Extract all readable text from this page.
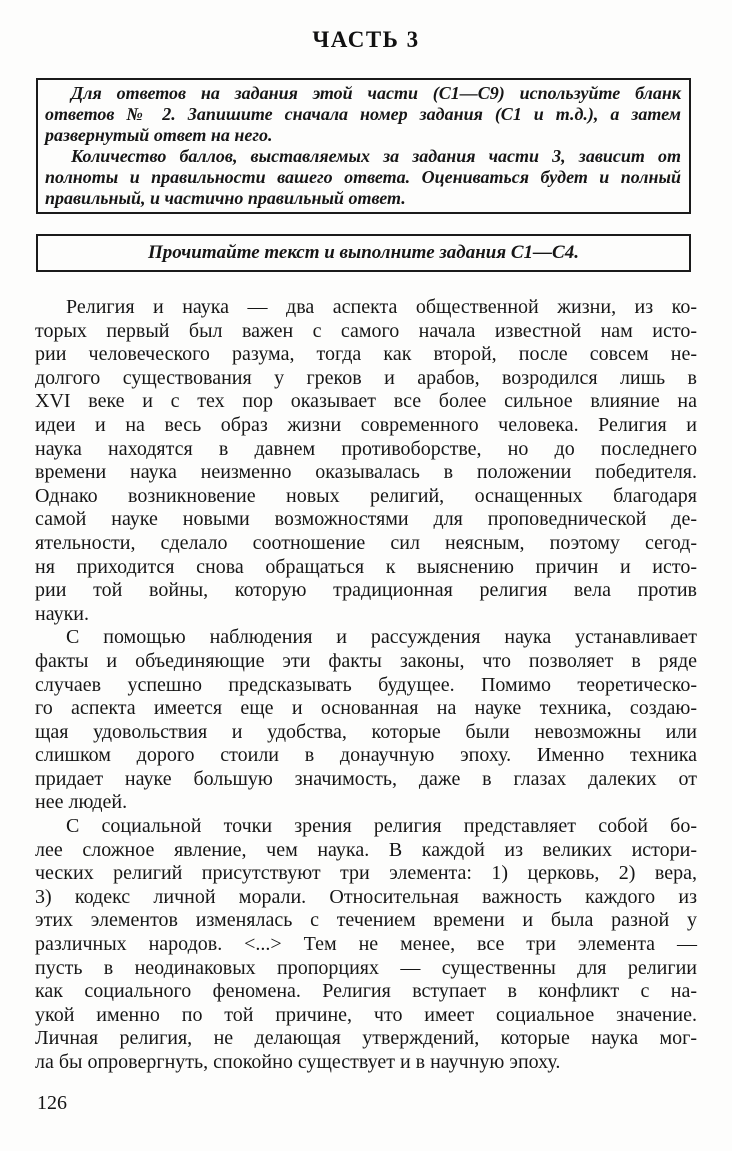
ЧАСТЬ 3
Для ответов на задания этой части (С1—С9) используйте бланк
ответов № 2. Запишите сначала номер задания (С1 и т.д.), а затем
развернутый ответ на него.
Количество баллов, выставляемых за задания части 3, зависит от
полноты и правильности вашего ответа. Оцениваться будет и полный
правильный, и частично правильный ответ.
Прочитайте текст и выполните задания С1—С4.
Религия и наука — два аспекта общественной жизни, из ко-
торых первый был важен с самого начала известной нам исто-
рии человеческого разума, тогда как второй, после совсем не-
долгого существования у греков и арабов, возродился лишь в
XVI веке и с тех пор оказывает все более сильное влияние на
идеи и на весь образ жизни современного человека. Религия и
наука находятся в давнем противоборстве, но до последнего
времени наука неизменно оказывалась в положении победителя.
Однако возникновение новых религий, оснащенных благодаря
самой науке новыми возможностями для проповеднической де-
ятельности, сделало соотношение сил неясным, поэтому сегод-
ня приходится снова обращаться к выяснению причин и исто-
рии той войны, которую традиционная религия вела против
науки.
С помощью наблюдения и рассуждения наука устанавливает
факты и объединяющие эти факты законы, что позволяет в ряде
случаев успешно предсказывать будущее. Помимо теоретическо-
го аспекта имеется еще и основанная на науке техника, создаю-
щая удовольствия и удобства, которые были невозможны или
слишком дорого стоили в донаучную эпоху. Именно техника
придает науке большую значимость, даже в глазах далеких от
нее людей.
С социальной точки зрения религия представляет собой бо-
лее сложное явление, чем наука. В каждой из великих истори-
ческих религий присутствуют три элемента: 1) церковь, 2) вера,
3) кодекс личной морали. Относительная важность каждого из
этих элементов изменялась с течением времени и была разной у
различных народов. <...> Тем не менее, все три элемента —
пусть в неодинаковых пропорциях — существенны для религии
как социального феномена. Религия вступает в конфликт с на-
укой именно по той причине, что имеет социальное значение.
Личная религия, не делающая утверждений, которые наука мог-
ла бы опровергнуть, спокойно существует и в научную эпоху.
126
